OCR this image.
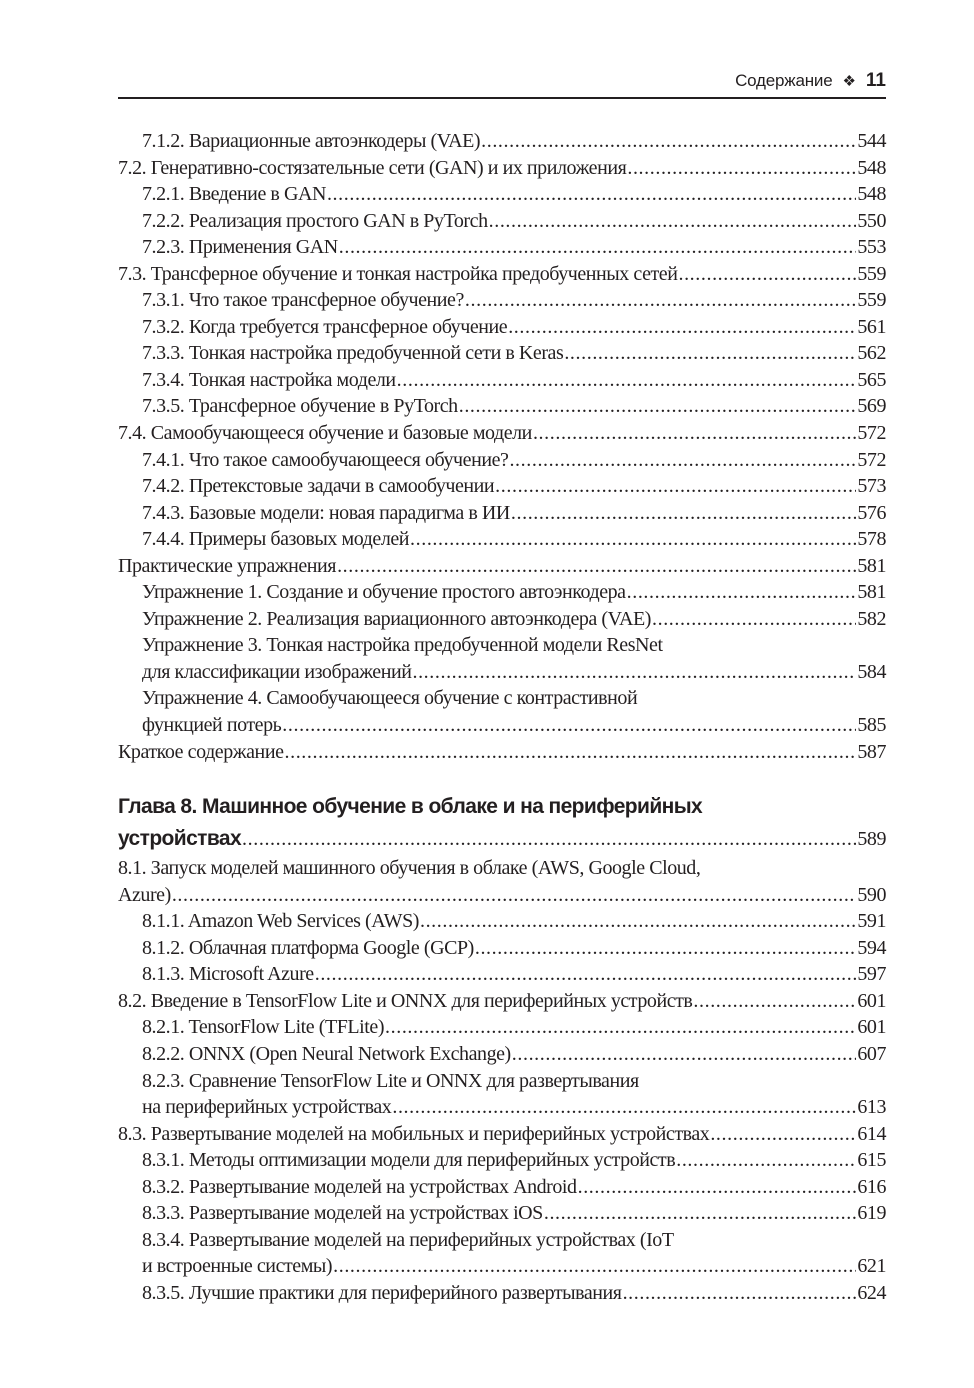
Содержание ❖ 11
7.1.2. Вариационные автоэнкодеры (VAE) .....	544
7.2. Генеративно-состязательные сети (GAN) и их приложения .....	548
7.2.1. Введение в GAN .....	548
7.2.2. Реализация простого GAN в PyTorch .....	550
7.2.3. Применения GAN .....	553
7.3. Трансферное обучение и тонкая настройка предобученных сетей .....	559
7.3.1. Что такое трансферное обучение? .....	559
7.3.2. Когда требуется трансферное обучение .....	561
7.3.3. Тонкая настройка предобученной сети в Keras .....	562
7.3.4. Тонкая настройка модели .....	565
7.3.5. Трансферное обучение в PyTorch .....	569
7.4. Самообучающееся обучение и базовые модели .....	572
7.4.1. Что такое самообучающееся обучение? .....	572
7.4.2. Претекстовые задачи в самообучении .....	573
7.4.3. Базовые модели: новая парадигма в ИИ .....	576
7.4.4. Примеры базовых моделей .....	578
Практические упражнения .....	581
Упражнение 1. Создание и обучение простого автоэнкодера .....	581
Упражнение 2. Реализация вариационного автоэнкодера (VAE) .....	582
Упражнение 3. Тонкая настройка предобученной модели ResNet
для классификации изображений .....	584
Упражнение 4. Самообучающееся обучение с контрастивной
функцией потерь .....	585
Краткое содержание .....	587
Глава 8. Машинное обучение в облаке и на периферийных
устройствах .....	589
8.1. Запуск моделей машинного обучения в облаке (AWS, Google Cloud,
Azure) .....	590
8.1.1. Amazon Web Services (AWS) .....	591
8.1.2. Облачная платформа Google (GCP) .....	594
8.1.3. Microsoft Azure .....	597
8.2. Введение в TensorFlow Lite и ONNX для периферийных устройств .....	601
8.2.1. TensorFlow Lite (TFLite) .....	601
8.2.2. ONNX (Open Neural Network Exchange) .....	607
8.2.3. Сравнение TensorFlow Lite и ONNX для развертывания
на периферийных устройствах .....	613
8.3. Развертывание моделей на мобильных и периферийных устройствах .....	614
8.3.1. Методы оптимизации модели для периферийных устройств .....	615
8.3.2. Развертывание моделей на устройствах Android .....	616
8.3.3. Развертывание моделей на устройствах iOS .....	619
8.3.4. Развертывание моделей на периферийных устройствах (IoT
и встроенные системы) .....	621
8.3.5. Лучшие практики для периферийного развертывания .....	624
